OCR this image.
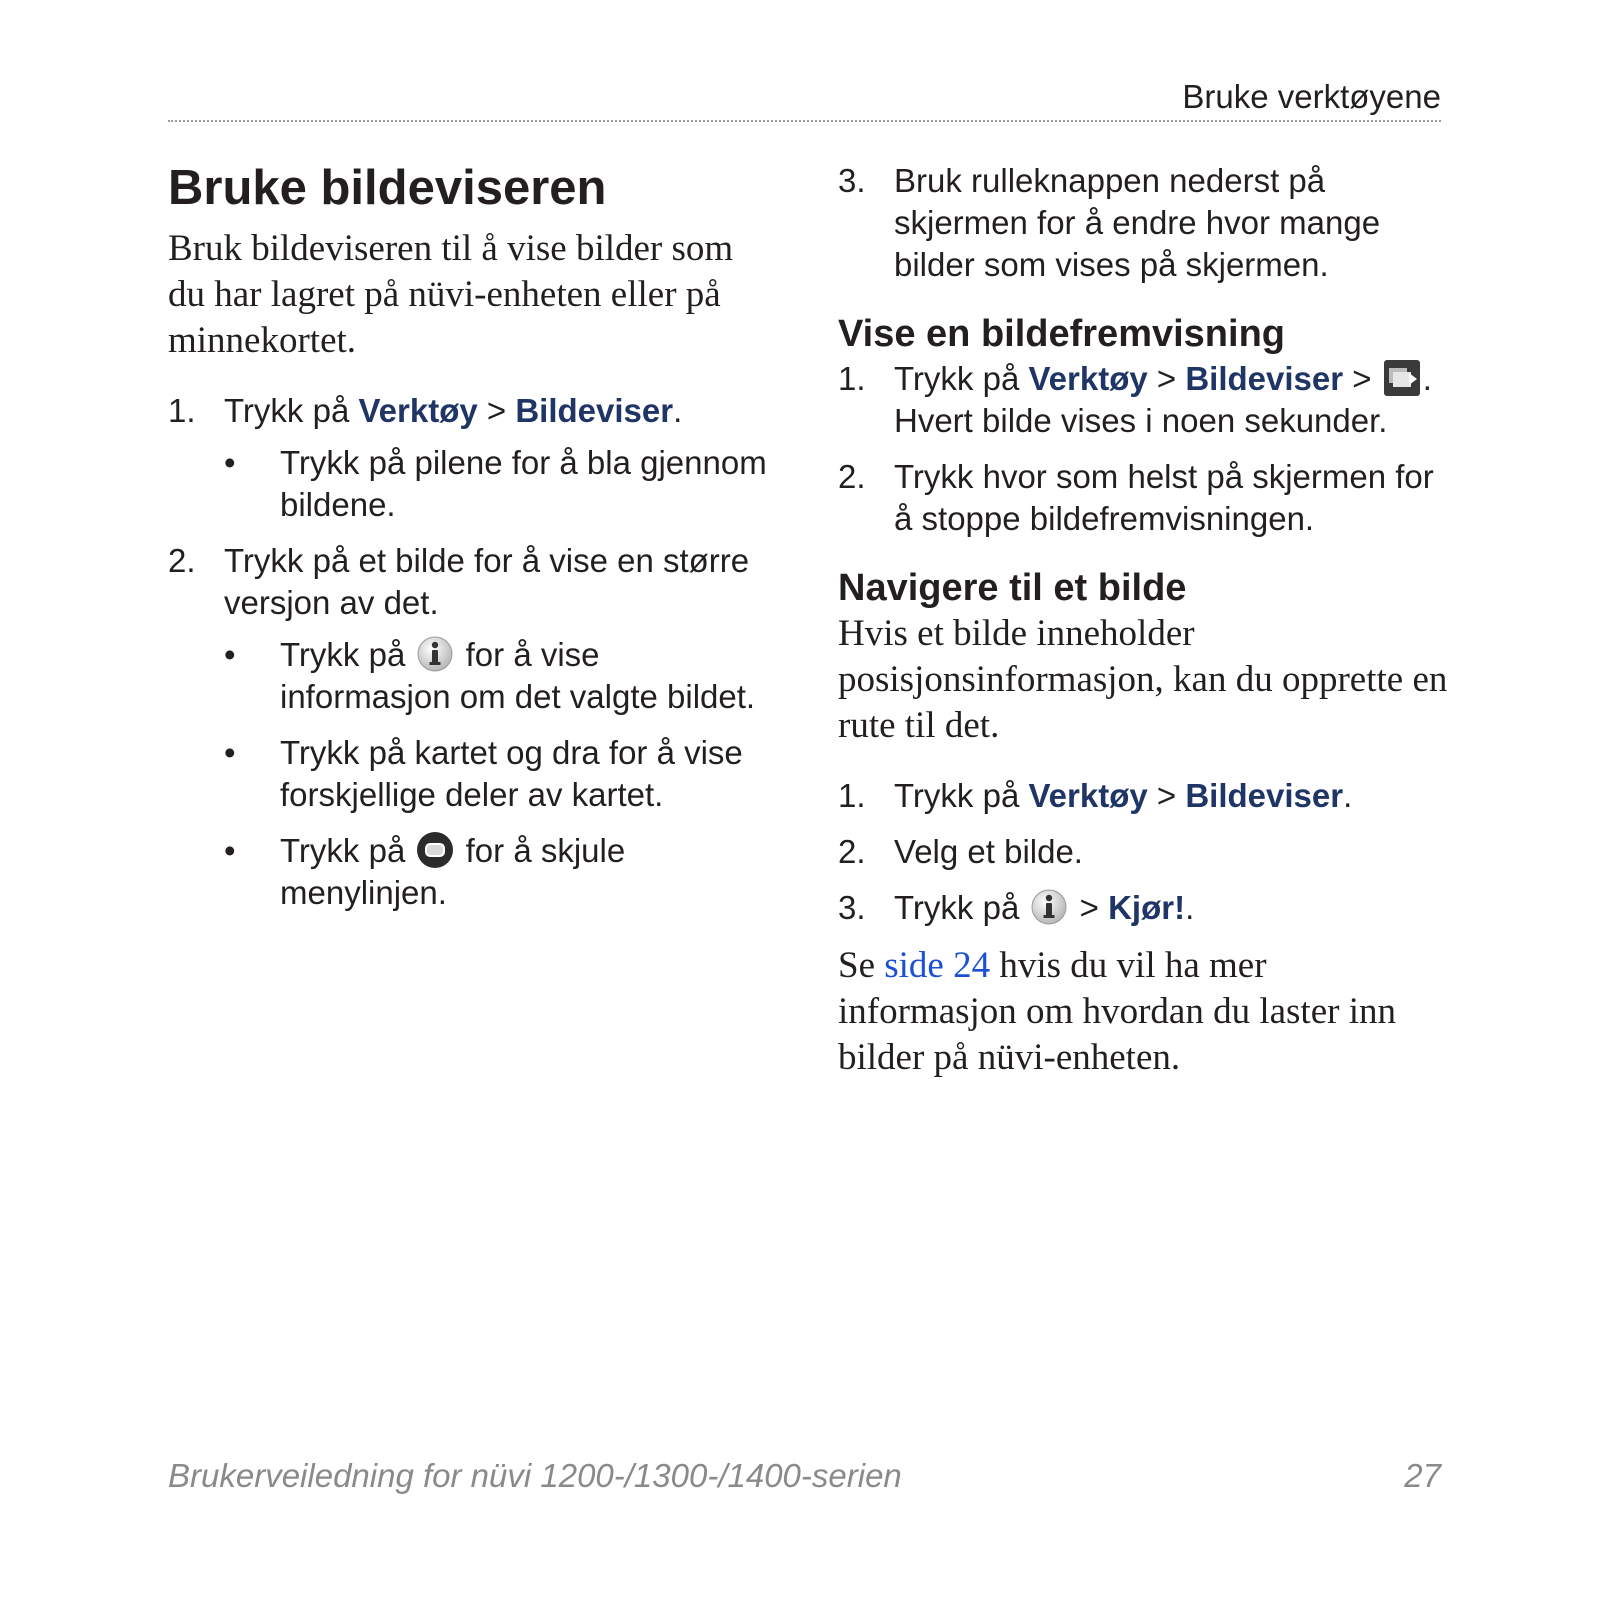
Bruke verktøyene
Bruke bildeviseren

Bruk bildeviseren til å vise bilder som du har lagret på nüvi-enheten eller på minnekortet.

1. Trykk på Verktøy > Bildeviser.
• Trykk på pilene for å bla gjennom bildene.
2. Trykk på et bilde for å vise en større versjon av det.
• Trykk på  for å vise informasjon om det valgte bildet.
• Trykk på kartet og dra for å vise forskjellige deler av kartet.
• Trykk på  for å skjule menylinjen.
3. Bruk rulleknappen nederst på skjermen for å endre hvor mange bilder som vises på skjermen.
Vise en bildefremvisning
1. Trykk på Verktøy > Bildeviser > . Hvert bilde vises i noen sekunder.
2. Trykk hvor som helst på skjermen for å stoppe bildefremvisningen.
Navigere til et bilde

Hvis et bilde inneholder posisjonsinformasjon, kan du opprette en rute til det.

1. Trykk på Verktøy > Bildeviser.
2. Velg et bilde.
3. Trykk på  > Kjør!.

Se side 24 hvis du vil ha mer informasjon om hvordan du laster inn bilder på nüvi-enheten.

Brukerveiledning for nüvi 1200-/1300-/1400-serien	27
